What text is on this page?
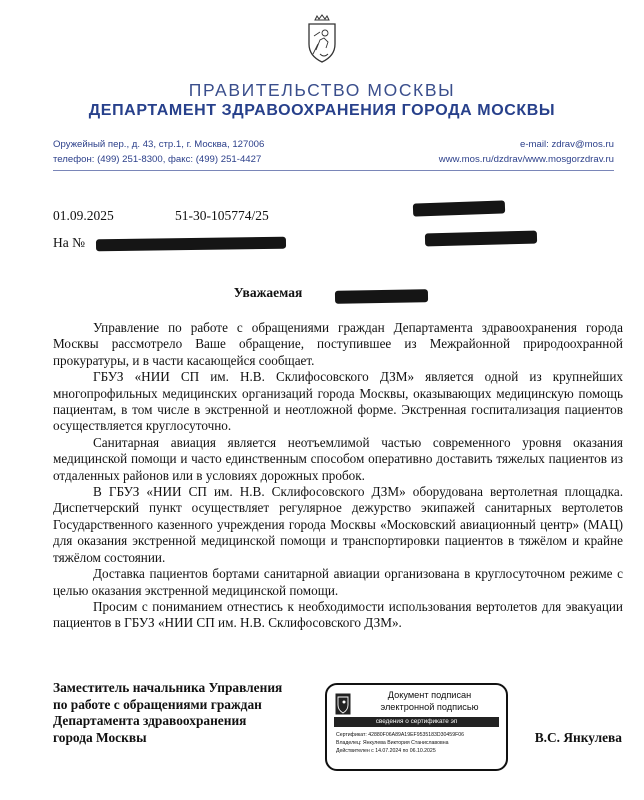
ПРАВИТЕЛЬСТВО МОСКВЫ
ДЕПАРТАМЕНТ ЗДРАВООХРАНЕНИЯ ГОРОДА МОСКВЫ
Оружейный пер., д. 43, стр.1, г. Москва, 127006
телефон: (499) 251-8300, факс: (499) 251-4427
e-mail: zdrav@mos.ru
www.mos.ru/dzdrav/www.mosgorzdrav.ru
01.09.2025	51-30-105774/25
На №
Уважаемая

Управление по работе с обращениями граждан Департамента здравоохранения города Москвы рассмотрело Ваше обращение, поступившее из Межрайонной природоохранной прокуратуры, и в части касающейся сообщает.

ГБУЗ «НИИ СП им. Н.В. Склифосовского ДЗМ» является одной из крупнейших многопрофильных медицинских организаций города Москвы, оказывающих медицинскую помощь пациентам, в том числе в экстренной и неотложной форме. Экстренная госпитализация пациентов осуществляется круглосуточно.

Санитарная авиация является неотъемлимой частью современного уровня оказания медицинской помощи и часто единственным способом оперативно доставить тяжелых пациентов из отдаленных районов или в условиях дорожных пробок.

В ГБУЗ «НИИ СП им. Н.В. Склифосовского ДЗМ» оборудована вертолетная площадка. Диспетчерский пункт осуществляет регулярное дежурство экипажей санитарных вертолетов Государственного казенного учреждения города Москвы «Московский авиационный центр» (МАЦ) для оказания экстренной медицинской помощи и транспортировки пациентов в тяжёлом и крайне тяжёлом состоянии.

Доставка пациентов бортами санитарной авиации организована в круглосуточном режиме с целью оказания экстренной медицинской помощи.

Просим с пониманием отнестись к необходимости использования вертолетов для эвакуации пациентов в ГБУЗ «НИИ СП им. Н.В. Склифосовского ДЗМ».

Заместитель начальника Управления
по работе с обращениями граждан
Департамента здравоохранения
города Москвы
Документ подписан
электронной подписью
сведения о сертификате эп
Сертификат: 42880F06A89A19EF9535183D30459F06
Владелец: Янкулева Виктория Станиславовна
Действителен с 14.07.2024 по 06.10.2025
В.С. Янкулева
